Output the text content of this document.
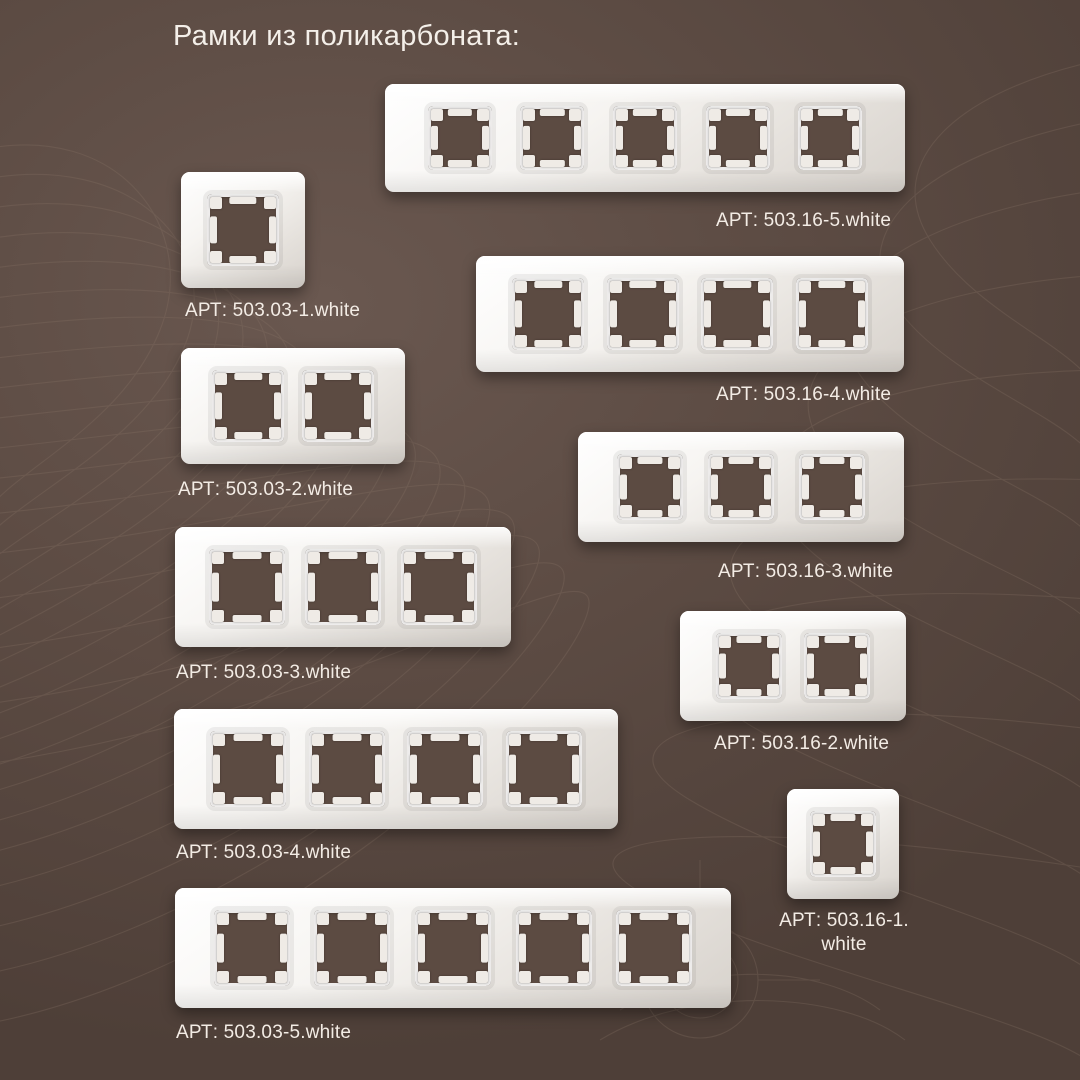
Рамки из поликарбоната:
АРТ: 503.16-5.white
АРТ: 503.03-1.white
АРТ: 503.16-4.white
АРТ: 503.03-2.white
АРТ: 503.16-3.white
АРТ: 503.03-3.white
АРТ: 503.16-2.white
АРТ: 503.03-4.white
АРТ: 503.16-1. white
АРТ: 503.03-5.white
